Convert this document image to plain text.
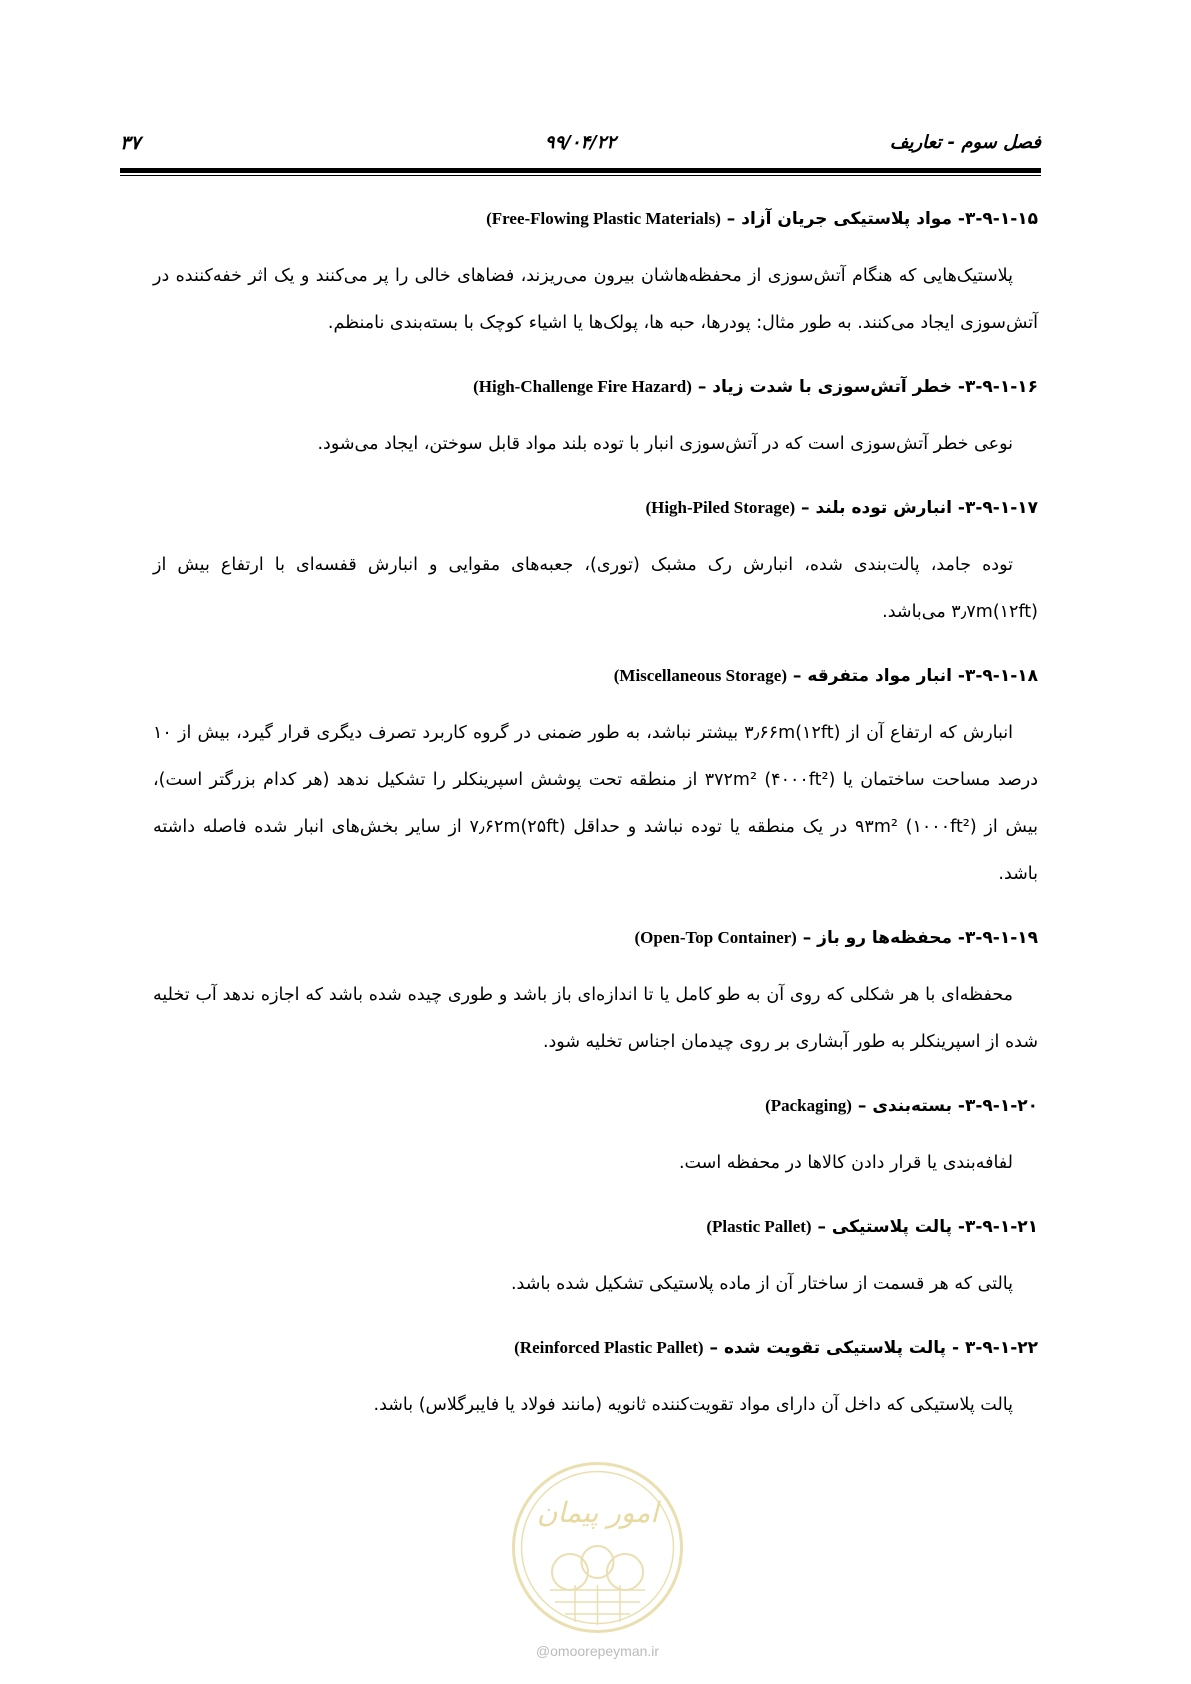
فصل سوم - تعاریف
۹۹/۰۴/۲۲
۳۷

۳-۹-۱-۱۵- مواد پلاستیکی جریان آزاد – (Free-Flowing Plastic Materials)

پلاستیک‌هایی که هنگام آتش‌سوزی از محفظه‌هاشان بیرون می‌ریزند، فضاهای خالی را پر می‌کنند و یک اثر خفه‌کننده در آتش‌سوزی ایجاد می‌کنند. به طور مثال: پودرها، حبه ها، پولک‌ها یا اشیاء کوچک با بسته‌بندی نامنظم.

۳-۹-۱-۱۶- خطر آتش‌سوزی با شدت زیاد – (High-Challenge Fire Hazard)

نوعی خطر آتش‌سوزی است که در آتش‌سوزی انبار با توده بلند مواد قابل سوختن، ایجاد می‌شود.

۳-۹-۱-۱۷- انبارش توده بلند – (High-Piled Storage)

توده جامد، پالت‌بندی شده، انبارش رک مشبک (توری)، جعبه‌های مقوایی و انبارش قفسه‌ای با ارتفاع بیش از ۳٫۷m(۱۲ft) می‌باشد.

۳-۹-۱-۱۸- انبار مواد متفرقه – (Miscellaneous Storage)

انبارش که ارتفاع آن از ۳٫۶۶m(۱۲ft) بیشتر نباشد، به طور ضمنی در گروه کاربرد تصرف دیگری قرار گیرد، بیش از ۱۰ درصد مساحت ساختمان یا ۳۷۲m² (۴۰۰۰ft²) از منطقه تحت پوشش اسپرینکلر را تشکیل ندهد (هر کدام بزرگتر است)، بیش از ۹۳m² (۱۰۰۰ft²) در یک منطقه یا توده نباشد و حداقل ۷٫۶۲m(۲۵ft) از سایر بخش‌های انبار شده فاصله داشته باشد.

۳-۹-۱-۱۹- محفظه‌ها رو باز – (Open-Top Container)

محفظه‌ای با هر شکلی که روی آن به طو کامل یا تا اندازه‌ای باز باشد و طوری چیده شده باشد که اجازه ندهد آب تخلیه شده از اسپرینکلر به طور آبشاری بر روی چیدمان اجناس تخلیه شود.

۳-۹-۱-۲۰- بسته‌بندی – (Packaging)

لفافه‌بندی یا قرار دادن کالاها در محفظه است.

۳-۹-۱-۲۱- پالت پلاستیکی – (Plastic Pallet)

پالتی که هر قسمت از ساختار آن از ماده پلاستیکی تشکیل شده باشد.

۳-۹-۱-۲۲ - پالت پلاستیکی تقویت شده – (Reinforced Plastic Pallet)

پالت پلاستیکی که داخل آن دارای مواد تقویت‌کننده ثانویه (مانند فولاد یا فایبرگلاس) باشد.

امور پیمان
@omoorepeyman.ir
